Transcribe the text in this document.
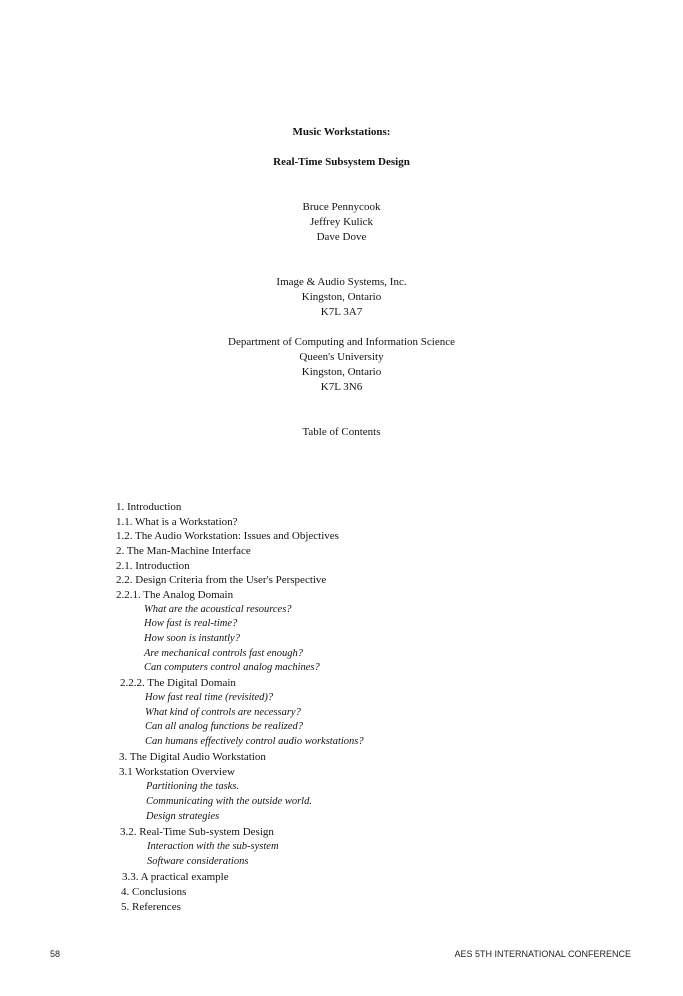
Music Workstations:
Real-Time Subsystem Design
Bruce Pennycook
Jeffrey Kulick
Dave Dove
Image & Audio Systems, Inc.
Kingston, Ontario
K7L 3A7
Department of Computing and Information Science
Queen's University
Kingston, Ontario
K7L 3N6
Table of Contents
1. Introduction
1.1. What is a Workstation?
1.2. The Audio Workstation: Issues and Objectives
2. The Man-Machine Interface
2.1. Introduction
2.2. Design Criteria from the User's Perspective
2.2.1. The Analog Domain
What are the acoustical resources?
How fast is real-time?
How soon is instantly?
Are mechanical controls fast enough?
Can computers control analog machines?
2.2.2. The Digital Domain
How fast real time (revisited)?
What kind of controls are necessary?
Can all analog functions be realized?
Can humans effectively control audio workstations?
3. The Digital Audio Workstation
3.1 Workstation Overview
Partitioning the tasks.
Communicating with the outside world.
Design strategies
3.2. Real-Time Sub-system Design
Interaction with the sub-system
Software considerations
3.3. A practical example
4. Conclusions
5. References
58	AES 5TH INTERNATIONAL CONFERENCE
